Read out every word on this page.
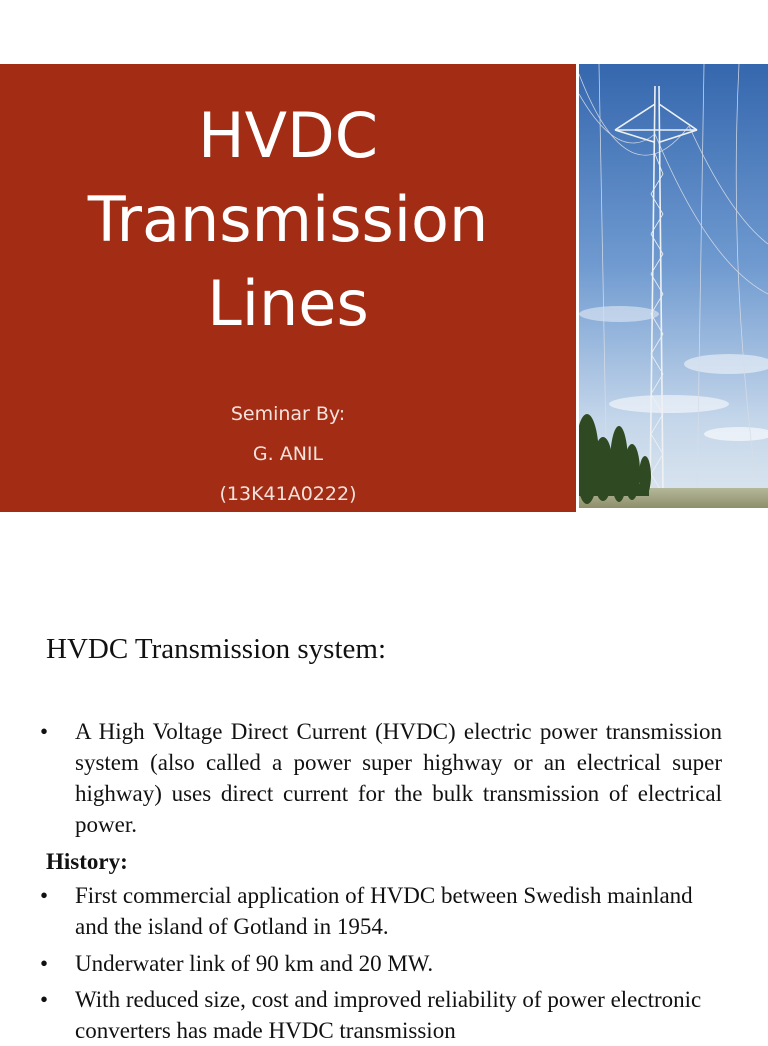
HVDC
Transmission
Lines
Seminar By:
G. ANIL
(13K41A0222)
HVDC Transmission system:
•	A High Voltage Direct Current (HVDC) electric power transmission system (also called a power super highway or an electrical super highway) uses direct current for the bulk transmission of electrical power.
History:
•	First commercial application of HVDC between Swedish mainland and the island of Gotland in 1954.
•	Underwater link of 90 km and 20 MW.
•	With reduced size, cost and improved reliability of power electronic converters has made HVDC transmission
